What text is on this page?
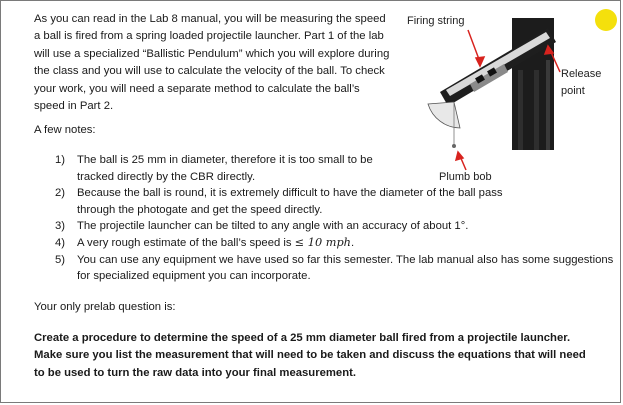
As you can read in the Lab 8 manual, you will be measuring the speed a ball is fired from a spring loaded projectile launcher. Part 1 of the lab will use a specialized “Ballistic Pendulum” which you will explore during the class and you will use to calculate the velocity of the ball. To check your work, you will need a separate method to calculate the ball’s speed in Part 2.
Firing string
Release point
Plumb bob
A few notes:
1) The ball is 25 mm in diameter, therefore it is too small to be tracked directly by the CBR directly.
2) Because the ball is round, it is extremely difficult to have the diameter of the ball pass through the photogate and get the speed directly.
3) The projectile launcher can be tilted to any angle with an accuracy of about 1°.
4) A very rough estimate of the ball’s speed is ≤ 10 mph.
5) You can use any equipment we have used so far this semester. The lab manual also has some suggestions for specialized equipment you can incorporate.
Your only prelab question is:
Create a procedure to determine the speed of a 25 mm diameter ball fired from a projectile launcher. Make sure you list the measurement that will need to be taken and discuss the equations that will need to be used to turn the raw data into your final measurement.
